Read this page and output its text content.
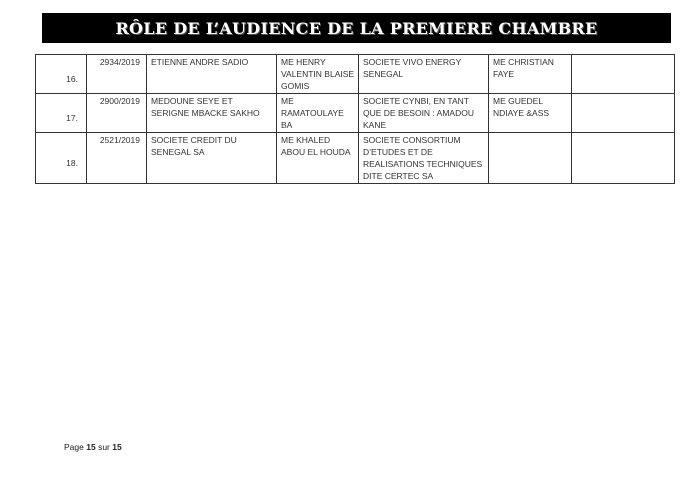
RÔLE DE L’AUDIENCE DE LA PREMIERE CHAMBRE
16.	2934/2019	ETIENNE ANDRE SADIO	ME HENRY VALENTIN BLAISE GOMIS	SOCIETE VIVO ENERGY SENEGAL	ME CHRISTIAN FAYE	
17.	2900/2019	MEDOUNE SEYE ET SERIGNE MBACKE SAKHO	ME RAMATOULAYE BA	SOCIETE CYNBI, EN TANT QUE DE BESOIN : AMADOU KANE	ME GUEDEL NDIAYE &ASS	
18.	2521/2019	SOCIETE CREDIT DU SENEGAL SA	ME KHALED ABOU EL HOUDA	SOCIETE CONSORTIUM D’ETUDES ET DE REALISATIONS TECHNIQUES DITE CERTEC SA		
Page 15 sur 15
